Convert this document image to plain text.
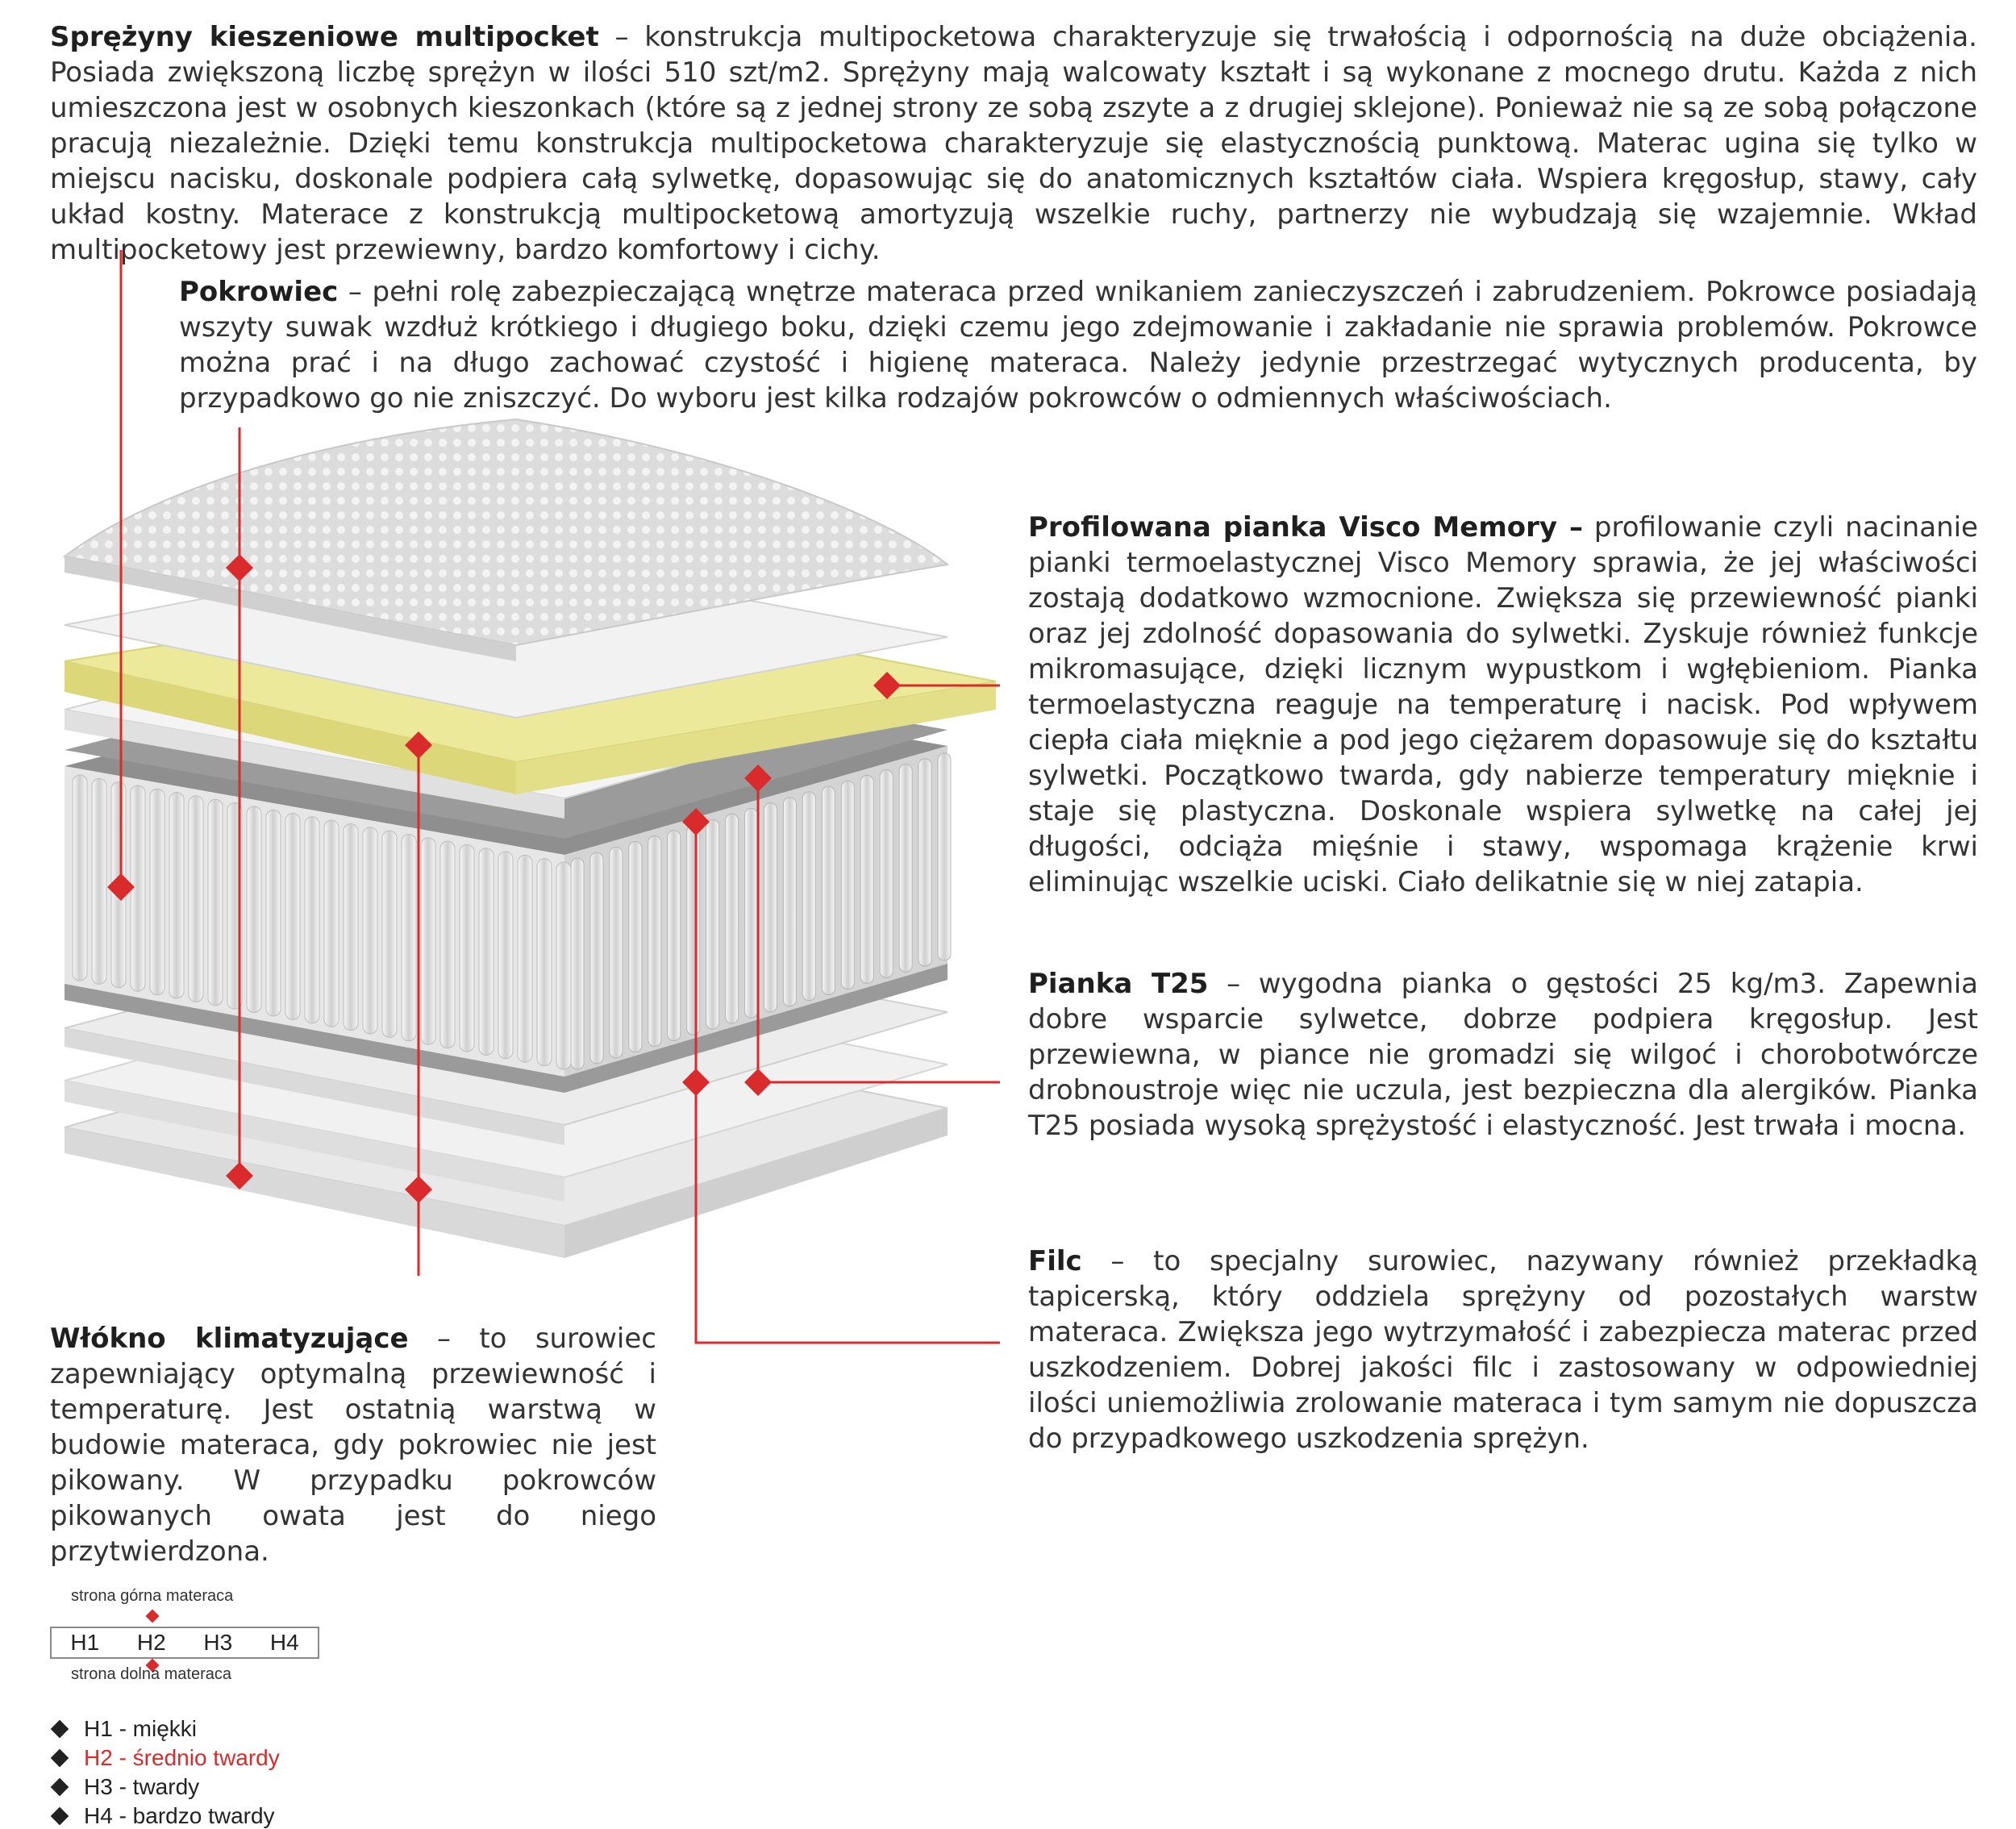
Sprężyny kieszeniowe multipocket – konstrukcja multipocketowa charakteryzuje się trwałością i odpornością na duże obciążenia. Posiada zwiększoną liczbę sprężyn w ilości 510 szt/m2. Sprężyny mają walcowaty kształt i są wykonane z mocnego drutu. Każda z nich umieszczona jest w osobnych kieszonkach (które są z jednej strony ze sobą zszyte a z drugiej sklejone). Ponieważ nie są ze sobą połączone pracują niezależnie. Dzięki temu konstrukcja multipocketowa charakteryzuje się elastycznością punktową. Materac ugina się tylko w miejscu nacisku, doskonale podpiera całą sylwetkę, dopasowując się do anatomicznych kształtów ciała. Wspiera kręgosłup, stawy, cały układ kostny. Materace z konstrukcją multipocketową amortyzują wszelkie ruchy, partnerzy nie wybudzają się wzajemnie. Wkład multipocketowy jest przewiewny, bardzo komfortowy i cichy.
Pokrowiec – pełni rolę zabezpieczającą wnętrze materaca przed wnikaniem zanieczyszczeń i zabrudzeniem. Pokrowce posiadają wszyty suwak wzdłuż krótkiego i długiego boku, dzięki czemu jego zdejmowanie i zakładanie nie sprawia problemów. Pokrowce można prać i na długo zachować czystość i higienę materaca. Należy jedynie przestrzegać wytycznych producenta, by przypadkowo go nie zniszczyć. Do wyboru jest kilka rodzajów pokrowców o odmiennych właściwościach.
Profilowana pianka Visco Memory – profilowanie czyli nacinanie pianki termoelastycznej Visco Memory sprawia, że jej właściwości zostają dodatkowo wzmocnione. Zwiększa się przewiewność pianki oraz jej zdolność dopasowania do sylwetki. Zyskuje również funkcje mikromasujące, dzięki licznym wypustkom i wgłębieniom. Pianka termoelastyczna reaguje na temperaturę i nacisk. Pod wpływem ciepła ciała mięknie a pod jego ciężarem dopasowuje się do kształtu sylwetki. Początkowo twarda, gdy nabierze temperatury mięknie i staje się plastyczna. Doskonale wspiera sylwetkę na całej jej długości, odciąża mięśnie i stawy, wspomaga krążenie krwi eliminując wszelkie uciski. Ciało delikatnie się w niej zatapia.
Pianka T25 – wygodna pianka o gęstości 25 kg/m3. Zapewnia dobre wsparcie sylwetce, dobrze podpiera kręgosłup. Jest przewiewna, w piance nie gromadzi się wilgoć i chorobotwórcze drobnoustroje więc nie uczula, jest bezpieczna dla alergików. Pianka T25 posiada wysoką sprężystość i elastyczność. Jest trwała i mocna.
Filc – to specjalny surowiec, nazywany również przekładką tapicerską, który oddziela sprężyny od pozostałych warstw materaca. Zwiększa jego wytrzymałość i zabezpiecza materac przed uszkodzeniem. Dobrej jakości filc i zastosowany w odpowiedniej ilości uniemożliwia zrolowanie materaca i tym samym nie dopuszcza do przypadkowego uszkodzenia sprężyn.
Włókno klimatyzujące – to surowiec zapewniający optymalną przewiewność i temperaturę. Jest ostatnią warstwą w budowie materaca, gdy pokrowiec nie jest pikowany. W przypadku pokrowców pikowanych owata jest do niego przytwierdzona.
strona górna materaca
H1 H2 H3 H4
strona dolna materaca
H1 - miękki
H2 - średnio twardy
H3 - twardy
H4 - bardzo twardy
